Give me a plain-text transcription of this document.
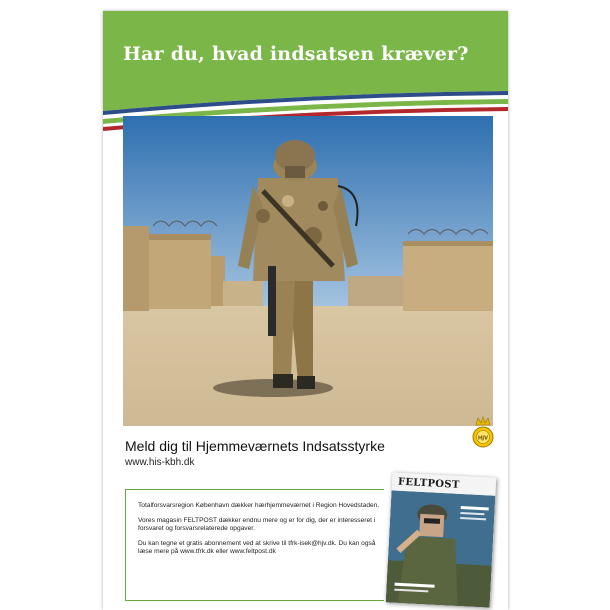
Har du, hvad indsatsen kræver?
Meld dig til Hjemmeværnets Indsatsstyrke
www.his-kbh.dk
HJV

Totalforsvarsregion København dækker hærhjemmeværnet i Region Hovedstaden.

Vores magasin FELTPOST dækker endnu mere og er for dig, der er interesseret i forsvaret og forsvarsrelaterede opgaver.

Du kan tegne et gratis abonnement ved at skrive til tfrk-isek@hjv.dk. Du kan også læse mere på www.tfrk.dk eller www.feltpost.dk

FELTPOST
